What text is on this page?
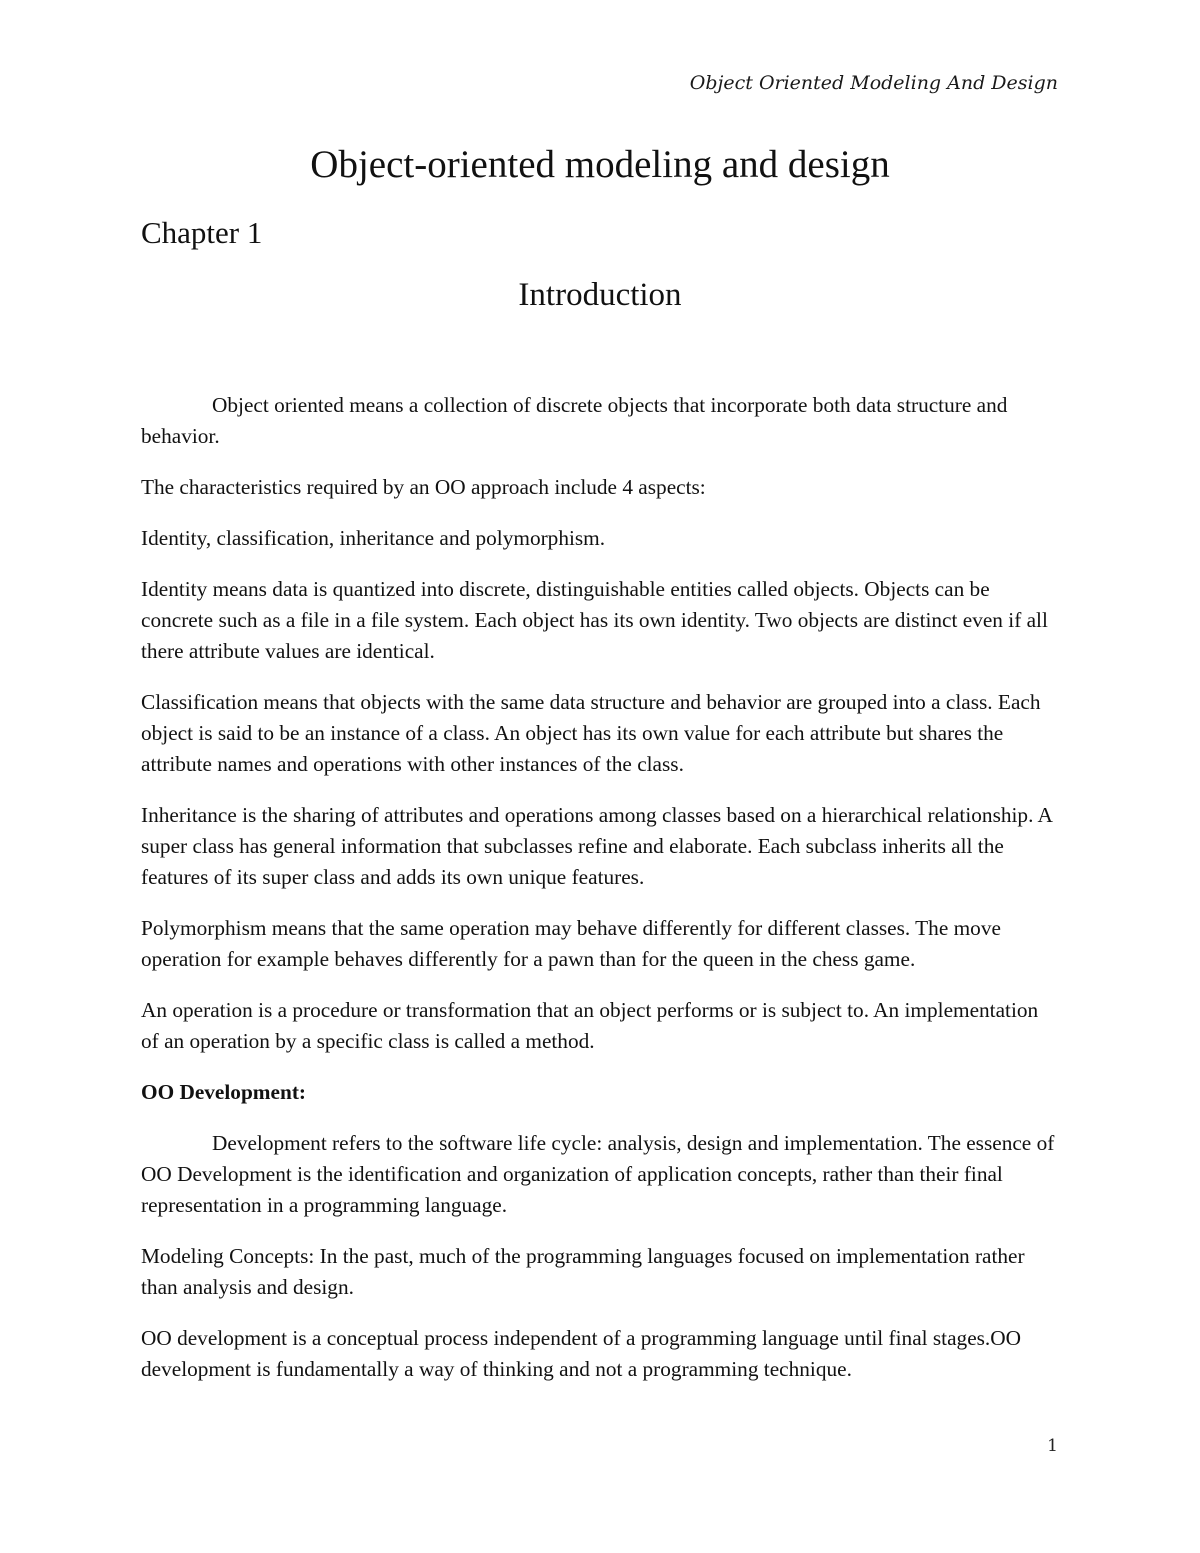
Object Oriented Modeling And Design
Object-oriented modeling and design
Chapter 1
Introduction

Object oriented means a collection of discrete objects that incorporate both data structure and behavior.

The characteristics required by an OO approach include 4 aspects:

Identity, classification, inheritance and polymorphism.

Identity means data is quantized into discrete, distinguishable entities called objects. Objects can be concrete such as a file in a file system. Each object has its own identity. Two objects are distinct even if all there attribute values are identical.

Classification means that objects with the same data structure and behavior are grouped into a class. Each object is said to be an instance of a class. An object has its own value for each attribute but shares the attribute names and operations with other instances of the class.

Inheritance is the sharing of attributes and operations among classes based on a hierarchical relationship. A super class has general information that subclasses refine and elaborate. Each subclass inherits all the features of its super class and adds its own unique features.

Polymorphism means that the same operation may behave differently for different classes. The move operation for example behaves differently for a pawn than for the queen in the chess game.

An operation is a procedure or transformation that an object performs or is subject to. An implementation of an operation by a specific class is called a method.

OO Development:

Development refers to the software life cycle: analysis, design and implementation. The essence of OO Development is the identification and organization of application concepts, rather than their final representation in a programming language.

Modeling Concepts: In the past, much of the programming languages focused on implementation rather than analysis and design.

OO development is a conceptual process independent of a programming language until final stages.OO development is fundamentally a way of thinking and not a programming technique.

1
